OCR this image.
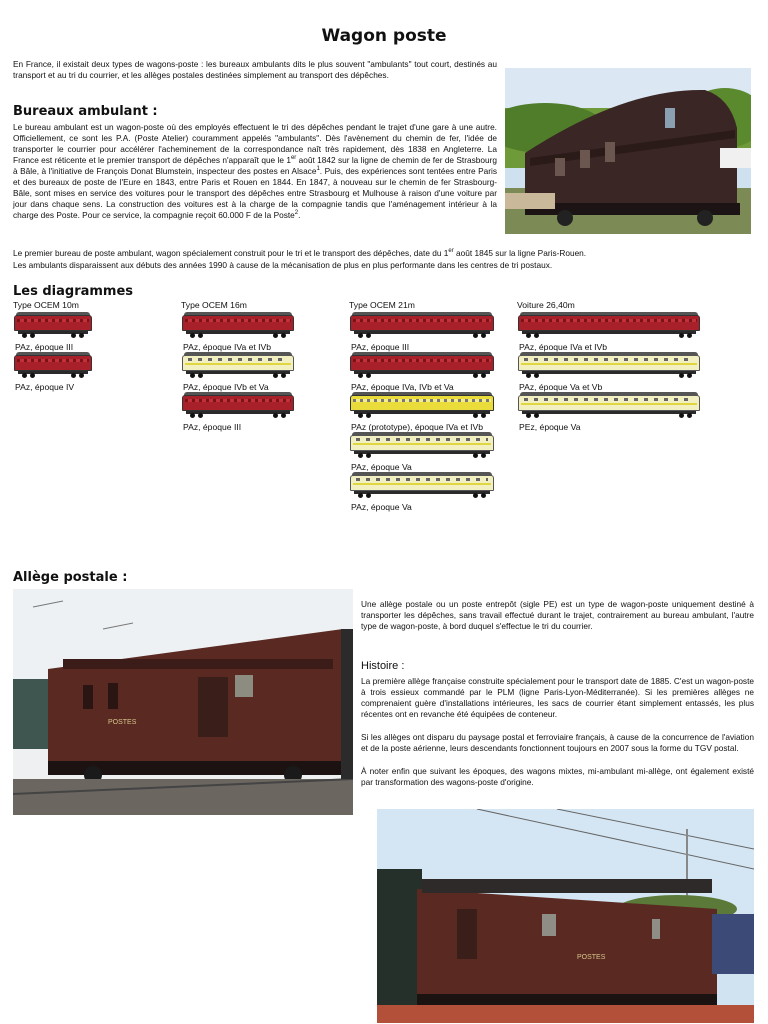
Wagon poste

En France, il existait deux types de wagons-poste : les bureaux ambulants dits le plus souvent "ambulants" tout court, destinés au transport et au tri du courrier, et les allèges postales destinées simplement au transport des dépêches.

Bureaux ambulant :

Le bureau ambulant est un wagon-poste où des employés effectuent le tri des dépêches pendant le trajet d'une gare à une autre. Officiellement, ce sont les P.A. (Poste Atelier) couramment appelés "ambulants". Dès l'avènement du chemin de fer, l'idée de transporter le courrier pour accélérer l'acheminement de la correspondance naît très rapidement, dès 1838 en Angleterre. La France est réticente et le premier transport de dépêches n'apparaît que le 1er août 1842 sur la ligne de chemin de fer de Strasbourg à Bâle, à l'initiative de François Donat Blumstein, inspecteur des postes en Alsace$^1$. Puis, des expériences sont tentées entre Paris et des bureaux de poste de l'Eure en 1843, entre Paris et Rouen en 1844. En 1847, à nouveau sur le chemin de fer Strasbourg-Bâle, sont mises en service des voitures pour le transport des dépêches entre Strasbourg et Mulhouse à raison d'une voiture par jour dans chaque sens. La construction des voitures est à la charge de la compagnie tandis que l'aménagement intérieur à la charge des Poste. Pour ce service, la compagnie reçoit 60.000 F de la Poste$^2$.

Le premier bureau de poste ambulant, wagon spécialement construit pour le tri et le transport des dépêches, date du 1er août 1845 sur la ligne Paris-Rouen.

Les ambulants disparaissent aux débuts des années 1990 à cause de la mécanisation de plus en plus performante dans les centres de tri postaux.

Les diagrammes

Type OCEM 10m
PAz, époque III
PAz, époque IV
Type OCEM 16m
PAz, époque IVa et IVb
PAz, époque IVb et Va
PAz, époque III
Type OCEM 21m
PAz, époque III
PAz, époque IVa, IVb et Va
PAz (prototype), époque IVa et IVb
PAz, époque Va
PAz, époque Va
Voiture 26,40m
PAz, époque IVa et IVb
PAz, époque Va et Vb
PEz, époque Va

Allège postale :

POSTES

Une allège postale ou un poste entrepôt (sigle PE) est un type de wagon-poste uniquement destiné à transporter les dépêches, sans travail effectué durant le trajet, contrairement au bureau ambulant, l'autre type de wagon-poste, à bord duquel s'effectue le tri du courrier.

Histoire :

La première allège française construite spécialement pour le transport date de 1885. C'est un wagon-poste à trois essieux commandé par le PLM (ligne Paris-Lyon-Méditerranée). Si les premières allèges ne comprenaient guère d'installations intérieures, les sacs de courrier étant simplement entassés, les plus récentes ont en revanche été équipées de conteneur.

Si les allèges ont disparu du paysage postal et ferroviaire français, à cause de la concurrence de l'aviation et de la poste aérienne, leurs descendants fonctionnent toujours en 2007 sous la forme du TGV postal.

À noter enfin que suivant les époques, des wagons mixtes, mi-ambulant mi-allège, ont également existé par transformation des wagons-poste d'origine.

POSTES
